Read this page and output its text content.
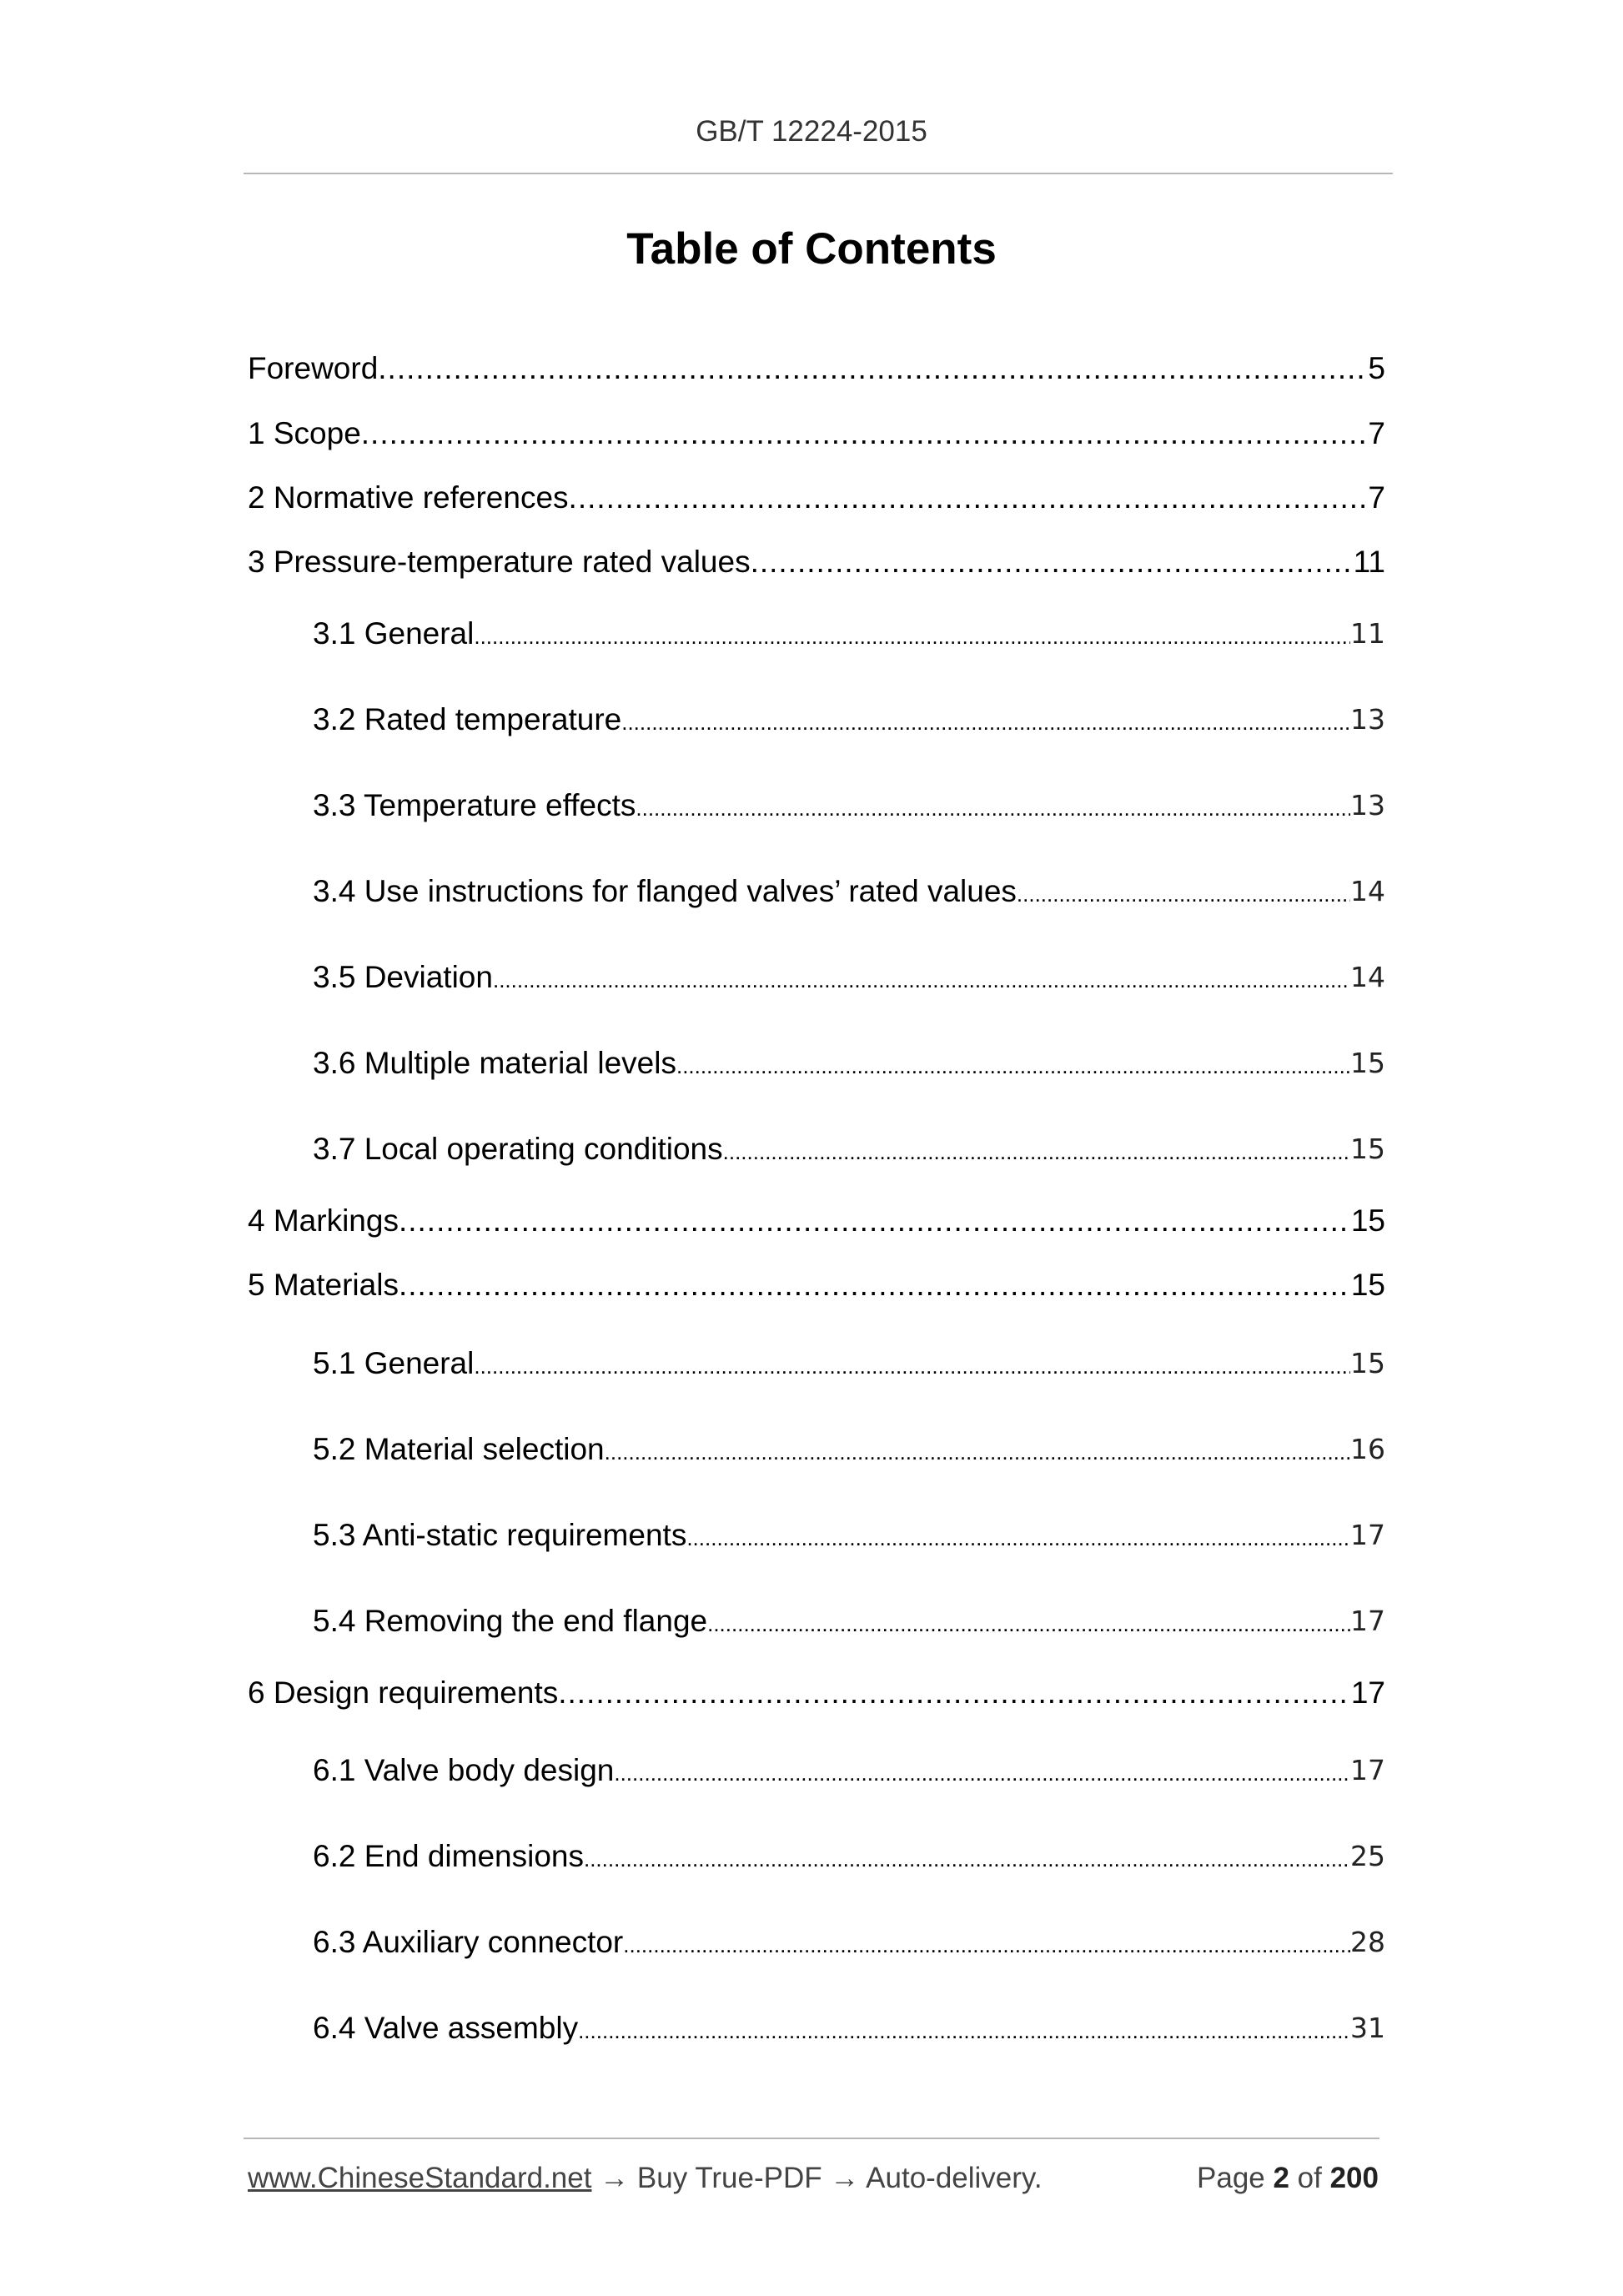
GB/T 12224-2015
Table of Contents
Foreword .....	5
1 Scope .....	7
2 Normative references .....	7
3 Pressure-temperature rated values .....	11
3.1 General .....	11
3.2 Rated temperature .....	13
3.3 Temperature effects .....	13
3.4 Use instructions for flanged valves’ rated values .....	14
3.5 Deviation .....	14
3.6 Multiple material levels .....	15
3.7 Local operating conditions .....	15
4 Markings .....	15
5 Materials .....	15
5.1 General .....	15
5.2 Material selection .....	16
5.3 Anti-static requirements .....	17
5.4 Removing the end flange .....	17
6 Design requirements .....	17
6.1 Valve body design .....	17
6.2 End dimensions .....	25
6.3 Auxiliary connector .....	28
6.4 Valve assembly .....	31
www.ChineseStandard.net → Buy True-PDF → Auto-delivery.	Page 2 of 200
